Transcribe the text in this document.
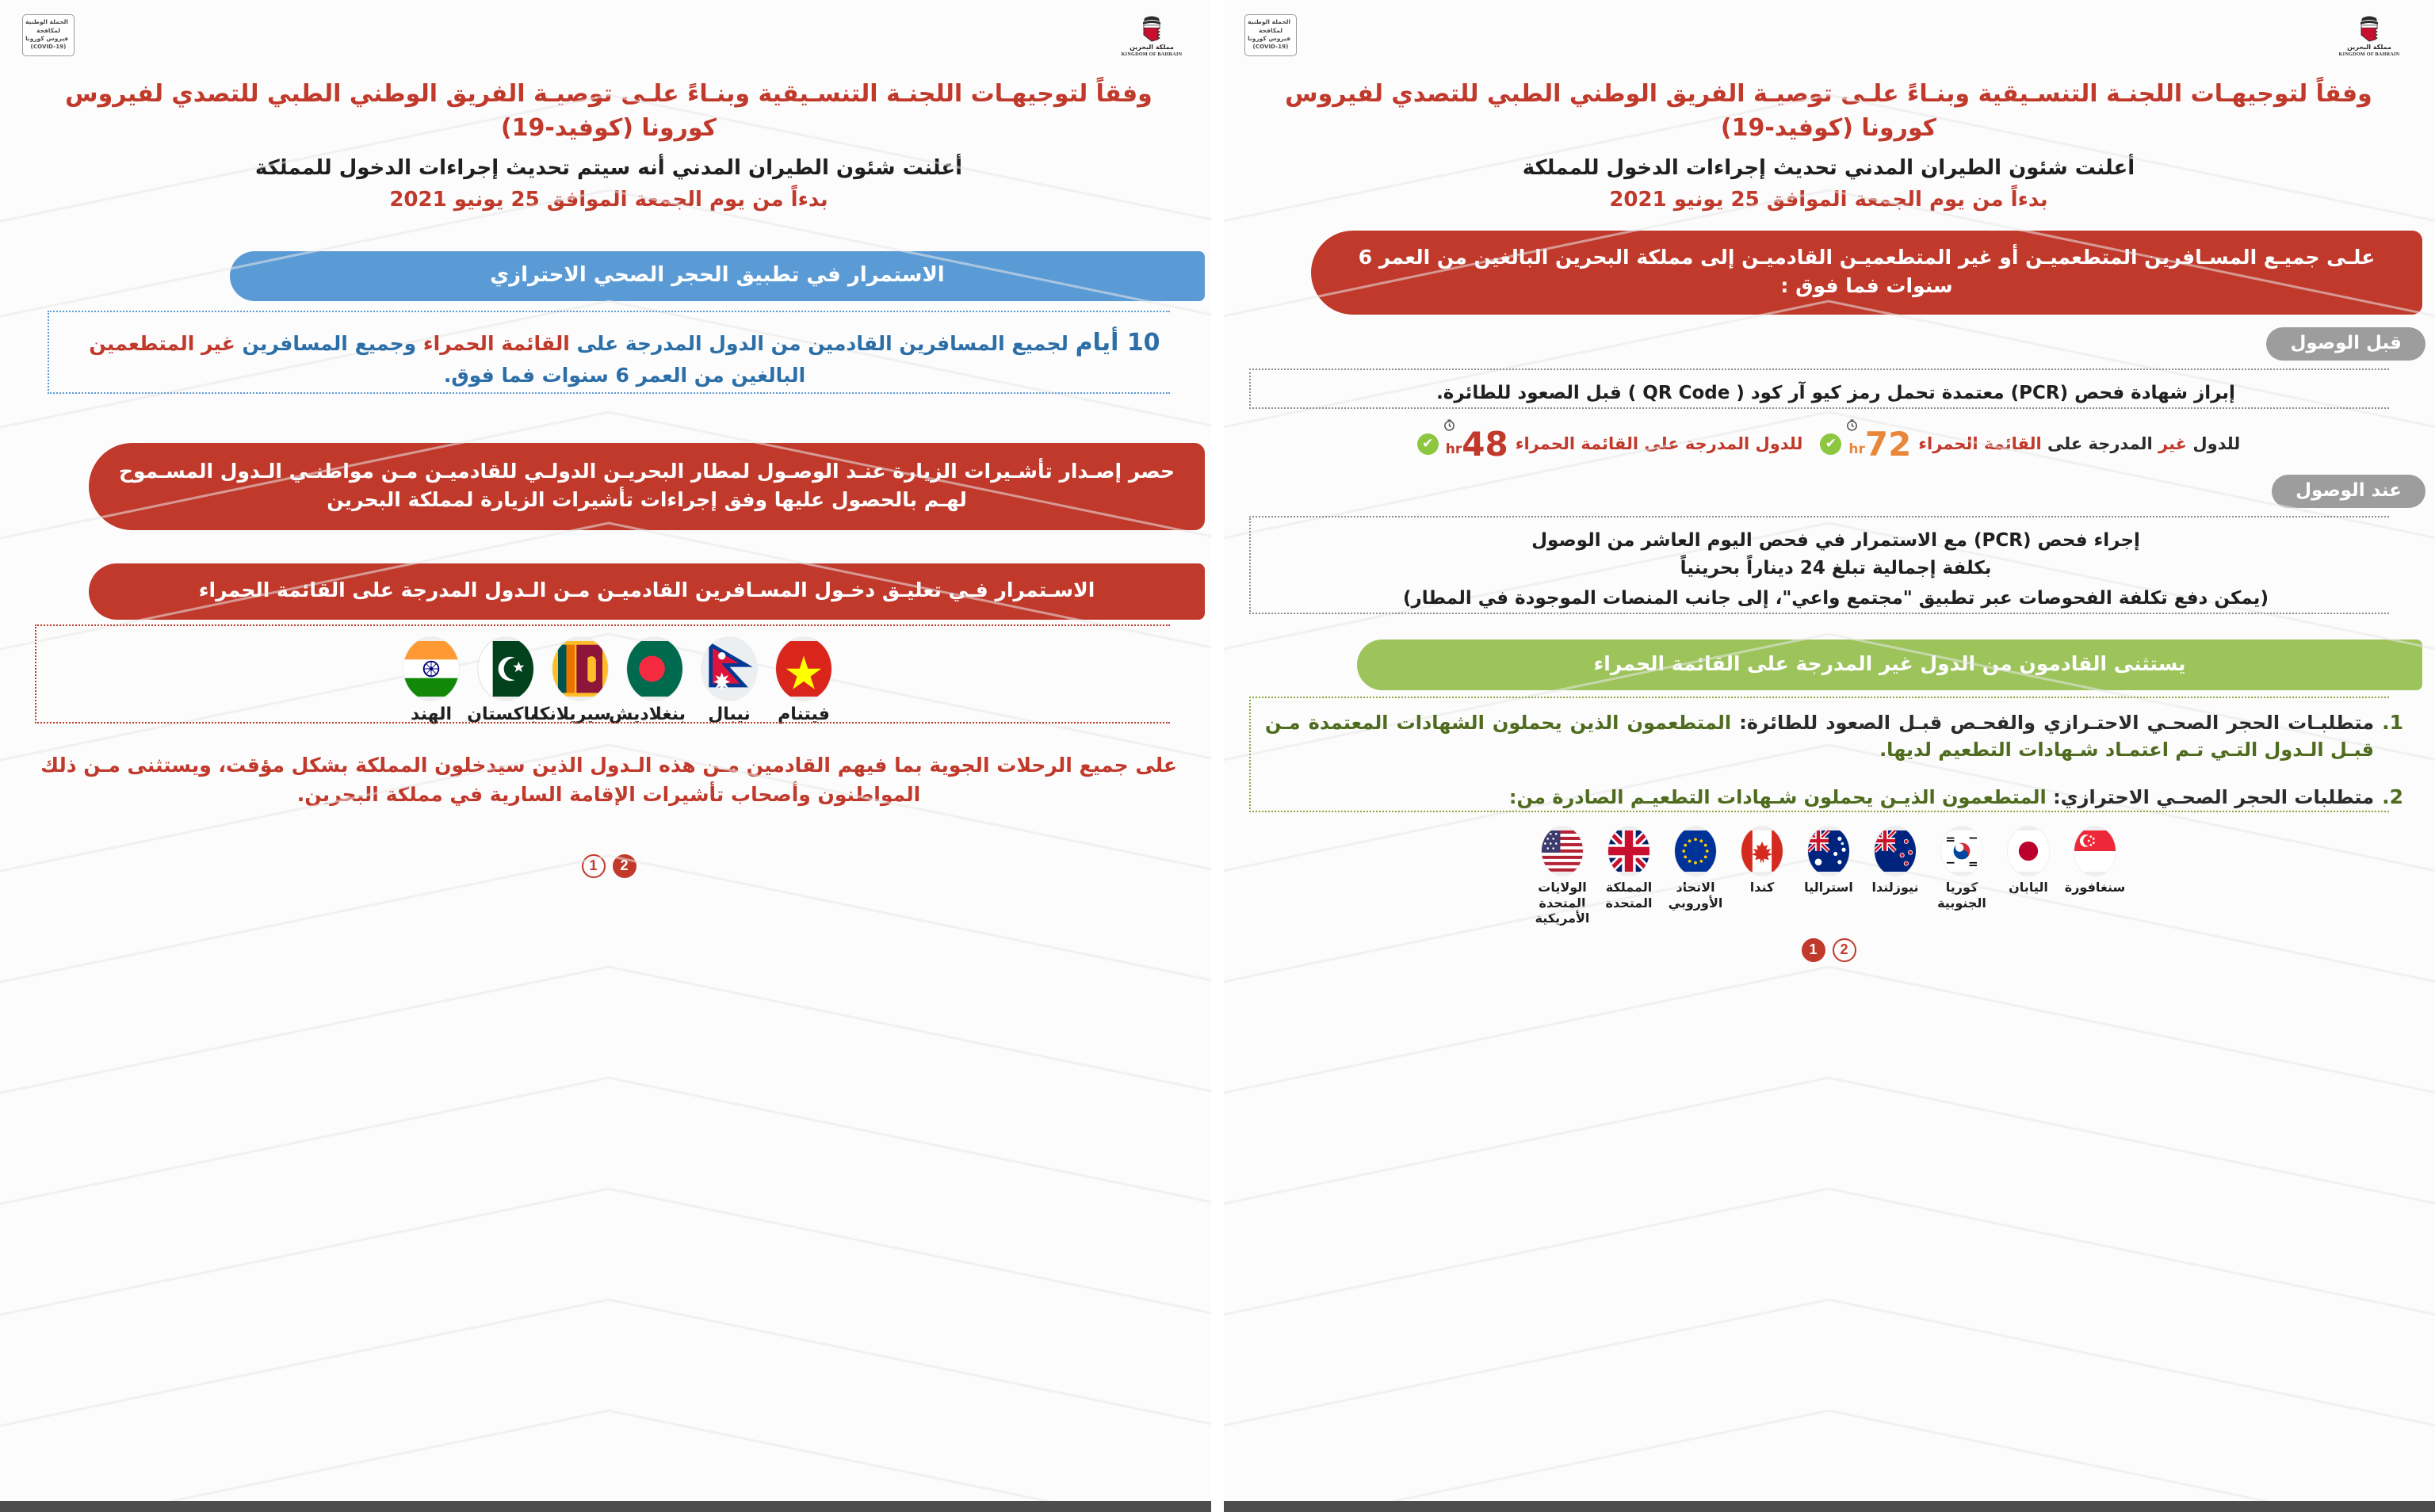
مملكة البحرين
KINGDOM OF BAHRAIN
الحملة الوطنية
لمكافحة
فيروس كورونا
(COVID-19)
وفقاً لتوجيهـات اللجنـة التنسـيقية وبنـاءً علـى توصيـة الفريق الوطني الطبي للتصدي لفيروس كورونا (كوفيد-19)
أعلنت شئون الطيران المدني تحديث إجراءات الدخول للمملكة
بدءاً من يوم الجمعة الموافق 25 يونيو 2021
علـى جميـع المسـافرين المتطعميـن أو غير المتطعميـن القادميـن إلى مملكة البحرين البالغين من العمر 6 سنوات فما فوق :
قبل الوصول
إبراز شهادة فحص (PCR) معتمدة تحمل رمز كيو آر كود ( QR Code ) قبل الصعود للطائرة.
للدول غير المدرجة على القائمة الحمراء
72
hr
✔
للدول المدرجة على القائمة الحمراء
48
hr
✔
عند الوصول
إجراء فحص (PCR) مع الاستمرار في فحص اليوم العاشر من الوصول
بكلفة إجمالية تبلغ 24 ديناراً بحرينياً
(يمكن دفع تكلفة الفحوصات عبر تطبيق "مجتمع واعي"، إلى جانب المنصات الموجودة في المطار)
يستثنى القادمون من الدول غير المدرجة على القائمة الحمراء
1.
متطلبـات الحجر الصحـي الاحتـرازي والفحـص قبـل الصعود للطائرة: المتطعمون الذين يحملون الشهادات المعتمدة مـن قبـل الـدول التـي تـم اعتمـاد شـهادات التطعيم لديها.
2.
متطلبات الحجر الصحـي الاحترازي: المتطعمون الذيـن يحملون شـهادات التطعيـم الصادرة من:
سنغافورة
اليابان
كوريا الجنوبية
نيوزلندا
استراليا
كندا
الاتحاد الأوروبي
المملكة المتحدة
الولايات المتحدة الأمريكية
2
1
مملكة البحرين
KINGDOM OF BAHRAIN
الحملة الوطنية
لمكافحة
فيروس كورونا
(COVID-19)
وفقاً لتوجيهـات اللجنـة التنسـيقية وبنـاءً علـى توصيـة الفريق الوطني الطبي للتصدي لفيروس كورونا (كوفيد-19)
أعلنت شئون الطيران المدني أنه سيتم تحديث إجراءات الدخول للمملكة
بدءاً من يوم الجمعة الموافق 25 يونيو 2021
الاستمرار في تطبيق الحجر الصحي الاحترازي
10 أيام لجميع المسافرين القادمين من الدول المدرجة على القائمة الحمراء وجميع المسافرين غير المتطعمين البالغين من العمر 6 سنوات فما فوق.
حصر إصـدار تأشـيرات الزيارة عنـد الوصـول لمطار البحريـن الدولـي للقادميـن مـن مواطنـي الـدول المسـموح لهـم بالحصول عليها وفق إجراءات تأشيرات الزيارة لمملكة البحرين
الاسـتمرار فـي تعليـق دخـول المسـافرين القادميـن مـن الـدول المدرجة على القائمة الحمراء
فيتنام
نيبال
بنغلاديش
سيريلانكا
باكستان
الهند
على جميع الرحلات الجوية بما فيهم القادمين مـن هذه الـدول الذين سيدخلون المملكة بشكل مؤقت، ويستثنى مـن ذلك المواطنون وأصحاب تأشيرات الإقامة السارية في مملكة البحرين.
2
1
